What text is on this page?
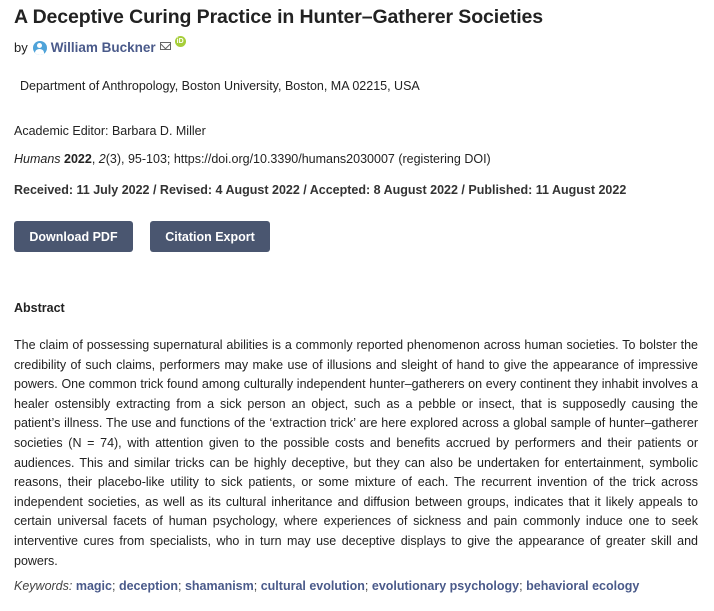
A Deceptive Curing Practice in Hunter–Gatherer Societies
by William Buckner	iD
Department of Anthropology, Boston University, Boston, MA 02215, USA
Academic Editor: Barbara D. Miller
Humans 2022, 2(3), 95-103; https://doi.org/10.3390/humans2030007 (registering DOI)
Received: 11 July 2022 / Revised: 4 August 2022 / Accepted: 8 August 2022 / Published: 11 August 2022
Download PDF	Citation Export
Abstract
The claim of possessing supernatural abilities is a commonly reported phenomenon across human societies. To bolster the credibility of such claims, performers may make use of illusions and sleight of hand to give the appearance of impressive powers. One common trick found among culturally independent hunter–gatherers on every continent they inhabit involves a healer ostensibly extracting from a sick person an object, such as a pebble or insect, that is supposedly causing the patient’s illness. The use and functions of the ‘extraction trick’ are here explored across a global sample of hunter–gatherer societies (N = 74), with attention given to the possible costs and benefits accrued by performers and their patients or audiences. This and similar tricks can be highly deceptive, but they can also be undertaken for entertainment, symbolic reasons, their placebo-like utility to sick patients, or some mixture of each. The recurrent invention of the trick across independent societies, as well as its cultural inheritance and diffusion between groups, indicates that it likely appeals to certain universal facets of human psychology, where experiences of sickness and pain commonly induce one to seek interventive cures from specialists, who in turn may use deceptive displays to give the appearance of greater skill and powers.
Keywords: magic; deception; shamanism; cultural evolution; evolutionary psychology; behavioral ecology
